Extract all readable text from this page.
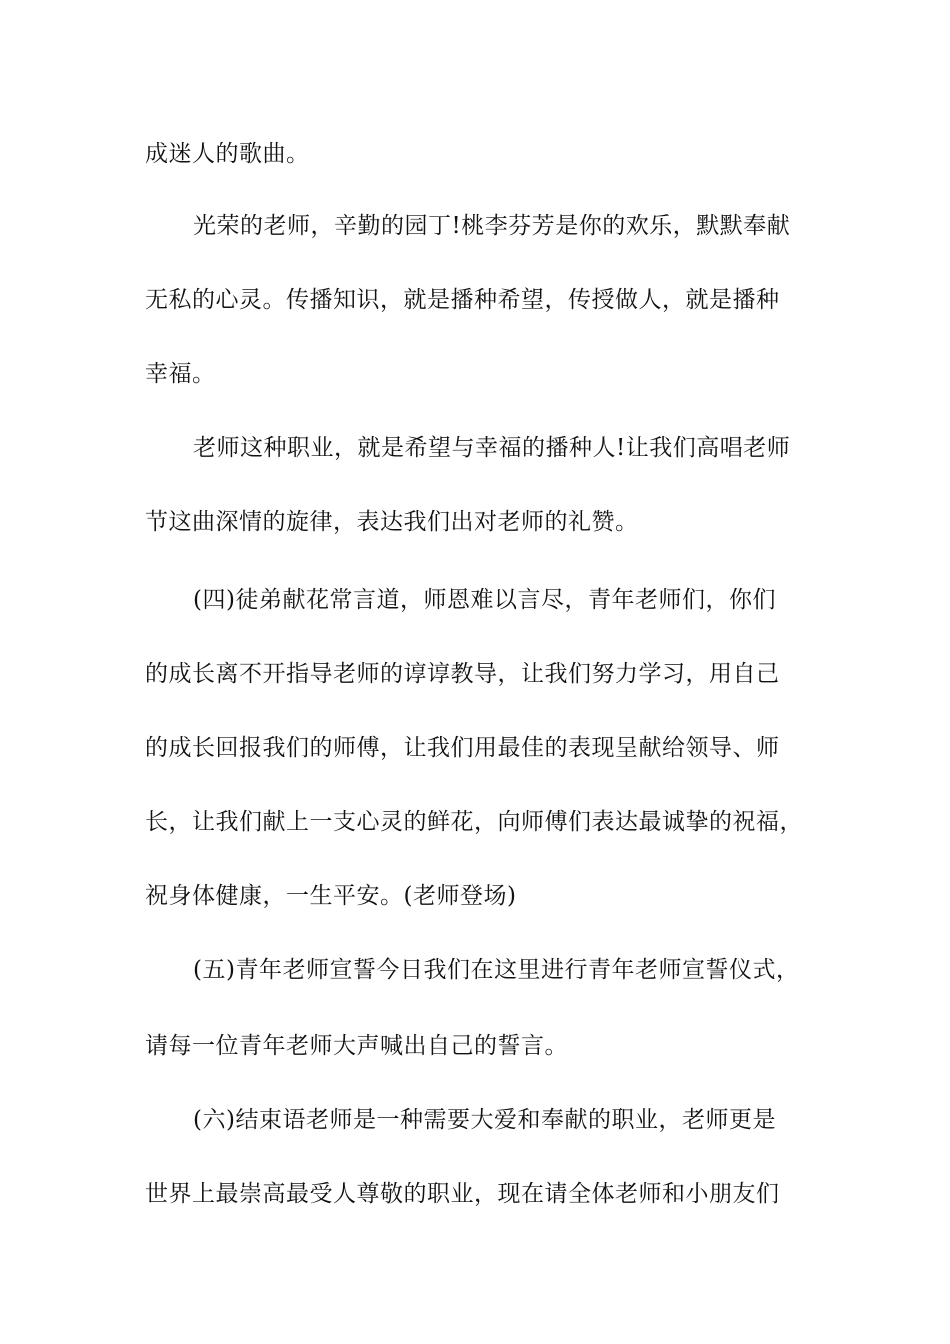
成迷人的歌曲。
光荣的老师，辛勤的园丁!桃李芬芳是你的欢乐，默默奉献
无私的心灵。传播知识，就是播种希望，传授做人，就是播种
幸福。
老师这种职业，就是希望与幸福的播种人!让我们高唱老师
节这曲深情的旋律，表达我们出对老师的礼赞。
(四)徒弟献花常言道，师恩难以言尽，青年老师们，你们
的成长离不开指导老师的谆谆教导，让我们努力学习，用自己
的成长回报我们的师傅，让我们用最佳的表现呈献给领导、师
长，让我们献上一支心灵的鲜花，向师傅们表达最诚挚的祝福，
祝身体健康，一生平安。(老师登场)
(五)青年老师宣誓今日我们在这里进行青年老师宣誓仪式，
请每一位青年老师大声喊出自己的誓言。
(六)结束语老师是一种需要大爱和奉献的职业，老师更是
世界上最崇高最受人尊敬的职业，现在请全体老师和小朋友们
